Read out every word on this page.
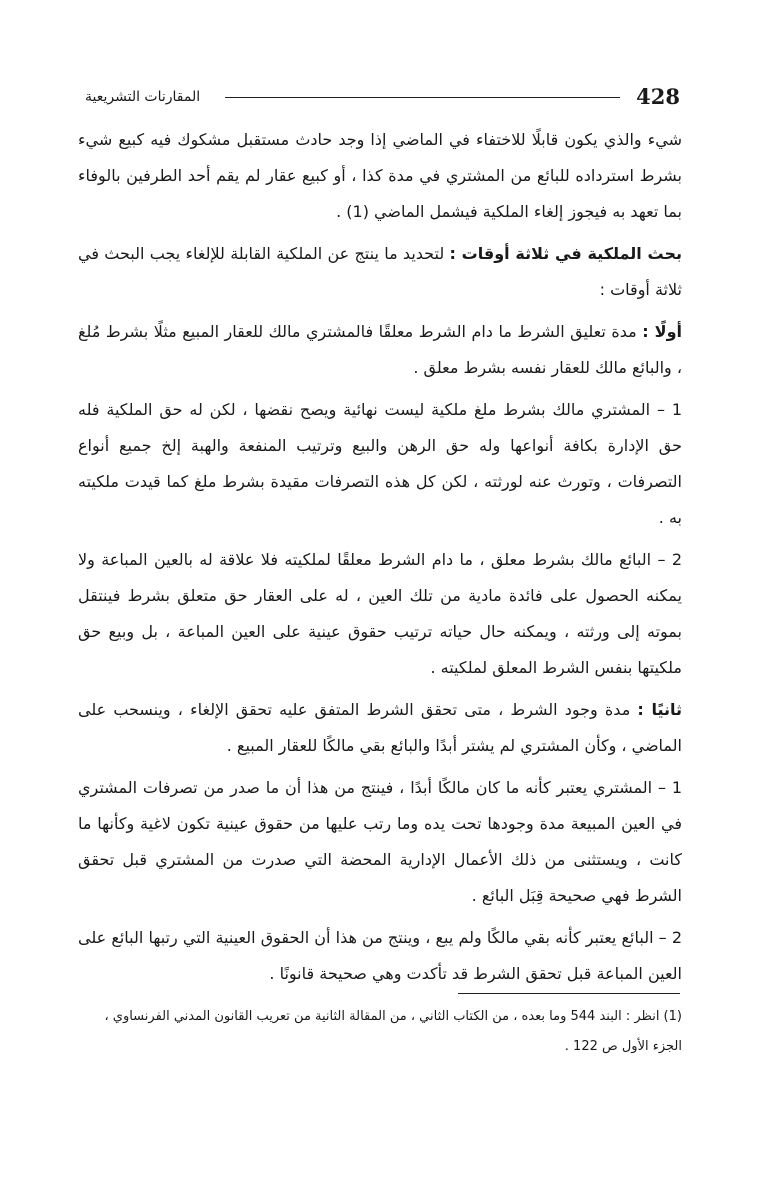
428
المقارنات التشريعية

شيء والذي يكون قابلًا للاختفاء في الماضي إذا وجد حادث مستقبل مشكوك فيه كبيع شيء بشرط استرداده للبائع من المشتري في مدة كذا ، أو كبيع عقار لم يقم أحد الطرفين بالوفاء بما تعهد به فيجوز إلغاء الملكية فيشمل الماضي (1) .

بحث الملكية في ثلاثة أوقات : لتحديد ما ينتج عن الملكية القابلة للإلغاء يجب البحث في ثلاثة أوقات :

أولًا : مدة تعليق الشرط ما دام الشرط معلقًا فالمشتري مالك للعقار المبيع مثلًا بشرط مُلغ ، والبائع مالك للعقار نفسه بشرط معلق .

1 – المشتري مالك بشرط ملغ ملكية ليست نهائية ويصح نقضها ، لكن له حق الملكية فله حق الإدارة بكافة أنواعها وله حق الرهن والبيع وترتيب المنفعة والهبة إلخ جميع أنواع التصرفات ، وتورث عنه لورثته ، لكن كل هذه التصرفات مقيدة بشرط ملغ كما قيدت ملكيته به .

2 – البائع مالك بشرط معلق ، ما دام الشرط معلقًا لملكيته فلا علاقة له بالعين المباعة ولا يمكنه الحصول على فائدة مادية من تلك العين ، له على العقار حق متعلق بشرط فينتقل بموته إلى ورثته ، ويمكنه حال حياته ترتيب حقوق عينية على العين المباعة ، بل وبيع حق ملكيتها بنفس الشرط المعلق لملكيته .

ثانيًا : مدة وجود الشرط ، متى تحقق الشرط المتفق عليه تحقق الإلغاء ، وينسحب على الماضي ، وكأن المشتري لم يشتر أبدًا والبائع بقي مالكًا للعقار المبيع .

1 – المشتري يعتبر كأنه ما كان مالكًا أبدًا ، فينتج من هذا أن ما صدر من تصرفات المشتري في العين المبيعة مدة وجودها تحت يده وما رتب عليها من حقوق عينية تكون لاغية وكأنها ما كانت ، ويستثنى من ذلك الأعمال الإدارية المحضة التي صدرت من المشتري قبل تحقق الشرط فهي صحيحة قِبَل البائع .

2 – البائع يعتبر كأنه بقي مالكًا ولم يبع ، وينتج من هذا أن الحقوق العينية التي رتبها البائع على العين المباعة قبل تحقق الشرط قد تأكدت وهي صحيحة قانونًا .

(1) انظر : البند 544 وما بعده ، من الكتاب الثاني ، من المقالة الثانية من تعريب القانون المدني الفرنساوي ، الجزء الأول ص 122 .
